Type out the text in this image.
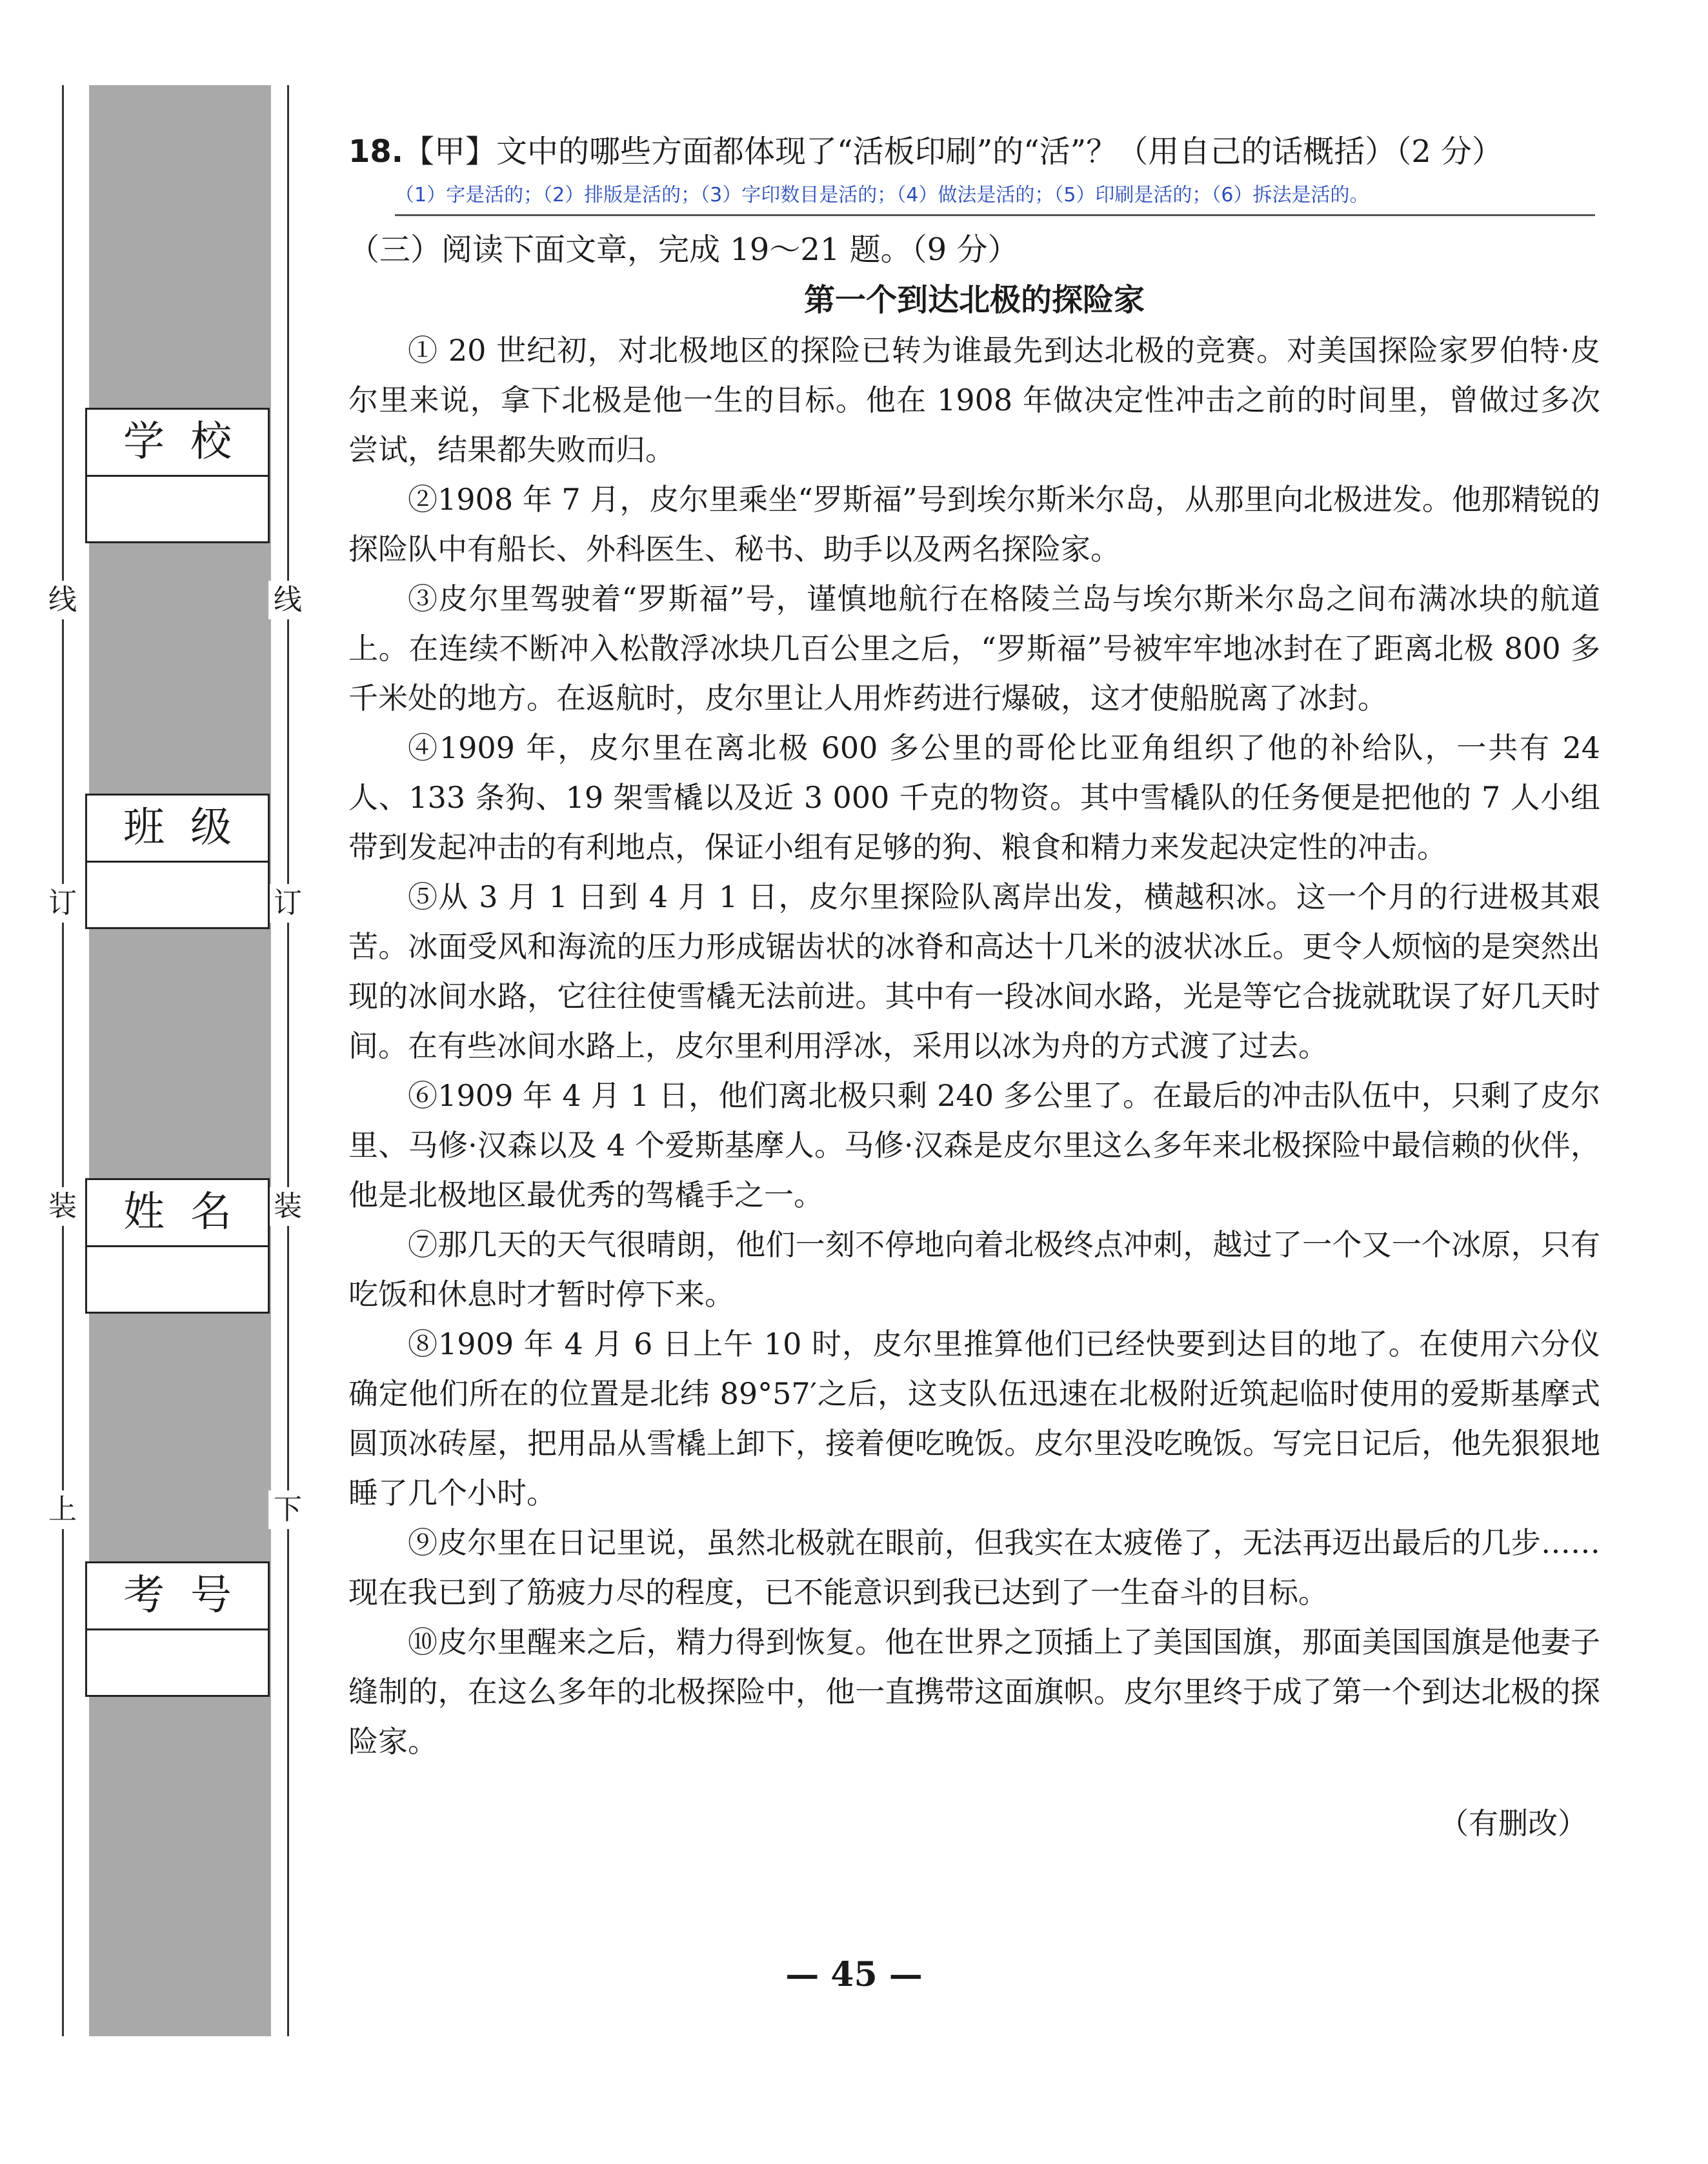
线
订
装
上
线
订
装
下
学校
班级
姓名
考号

18.【甲】文中的哪些方面都体现了“活板印刷”的“活”？（用自己的话概括）（2 分）

（1）字是活的；（2）排版是活的；（3）字印数目是活的；（4）做法是活的；（5）印刷是活的；（6）拆法是活的。
（三）阅读下面文章，完成 19～21 题。（9 分）

第一个到达北极的探险家

① 20 世纪初，对北极地区的探险已转为谁最先到达北极的竞赛。对美国探险家罗伯特·皮尔里来说，拿下北极是他一生的目标。他在 1908 年做决定性冲击之前的时间里，曾做过多次尝试，结果都失败而归。

②1908 年 7 月，皮尔里乘坐“罗斯福”号到埃尔斯米尔岛，从那里向北极进发。他那精锐的探险队中有船长、外科医生、秘书、助手以及两名探险家。

③皮尔里驾驶着“罗斯福”号，谨慎地航行在格陵兰岛与埃尔斯米尔岛之间布满冰块的航道上。在连续不断冲入松散浮冰块几百公里之后，“罗斯福”号被牢牢地冰封在了距离北极 800 多千米处的地方。在返航时，皮尔里让人用炸药进行爆破，这才使船脱离了冰封。

④1909 年，皮尔里在离北极 600 多公里的哥伦比亚角组织了他的补给队，一共有 24 人、133 条狗、19 架雪橇以及近 3 000 千克的物资。其中雪橇队的任务便是把他的 7 人小组带到发起冲击的有利地点，保证小组有足够的狗、粮食和精力来发起决定性的冲击。

⑤从 3 月 1 日到 4 月 1 日，皮尔里探险队离岸出发，横越积冰。这一个月的行进极其艰苦。冰面受风和海流的压力形成锯齿状的冰脊和高达十几米的波状冰丘。更令人烦恼的是突然出现的冰间水路，它往往使雪橇无法前进。其中有一段冰间水路，光是等它合拢就耽误了好几天时间。在有些冰间水路上，皮尔里利用浮冰，采用以冰为舟的方式渡了过去。

⑥1909 年 4 月 1 日，他们离北极只剩 240 多公里了。在最后的冲击队伍中，只剩了皮尔里、马修·汉森以及 4 个爱斯基摩人。马修·汉森是皮尔里这么多年来北极探险中最信赖的伙伴，他是北极地区最优秀的驾橇手之一。

⑦那几天的天气很晴朗，他们一刻不停地向着北极终点冲刺，越过了一个又一个冰原，只有吃饭和休息时才暂时停下来。

⑧1909 年 4 月 6 日上午 10 时，皮尔里推算他们已经快要到达目的地了。在使用六分仪确定他们所在的位置是北纬 89°57′之后，这支队伍迅速在北极附近筑起临时使用的爱斯基摩式圆顶冰砖屋，把用品从雪橇上卸下，接着便吃晚饭。皮尔里没吃晚饭。写完日记后，他先狠狠地睡了几个小时。

⑨皮尔里在日记里说，虽然北极就在眼前，但我实在太疲倦了，无法再迈出最后的几步……现在我已到了筋疲力尽的程度，已不能意识到我已达到了一生奋斗的目标。

⑩皮尔里醒来之后，精力得到恢复。他在世界之顶插上了美国国旗，那面美国国旗是他妻子缝制的，在这么多年的北极探险中，他一直携带这面旗帜。皮尔里终于成了第一个到达北极的探险家。

（有删改）
— 45 —
